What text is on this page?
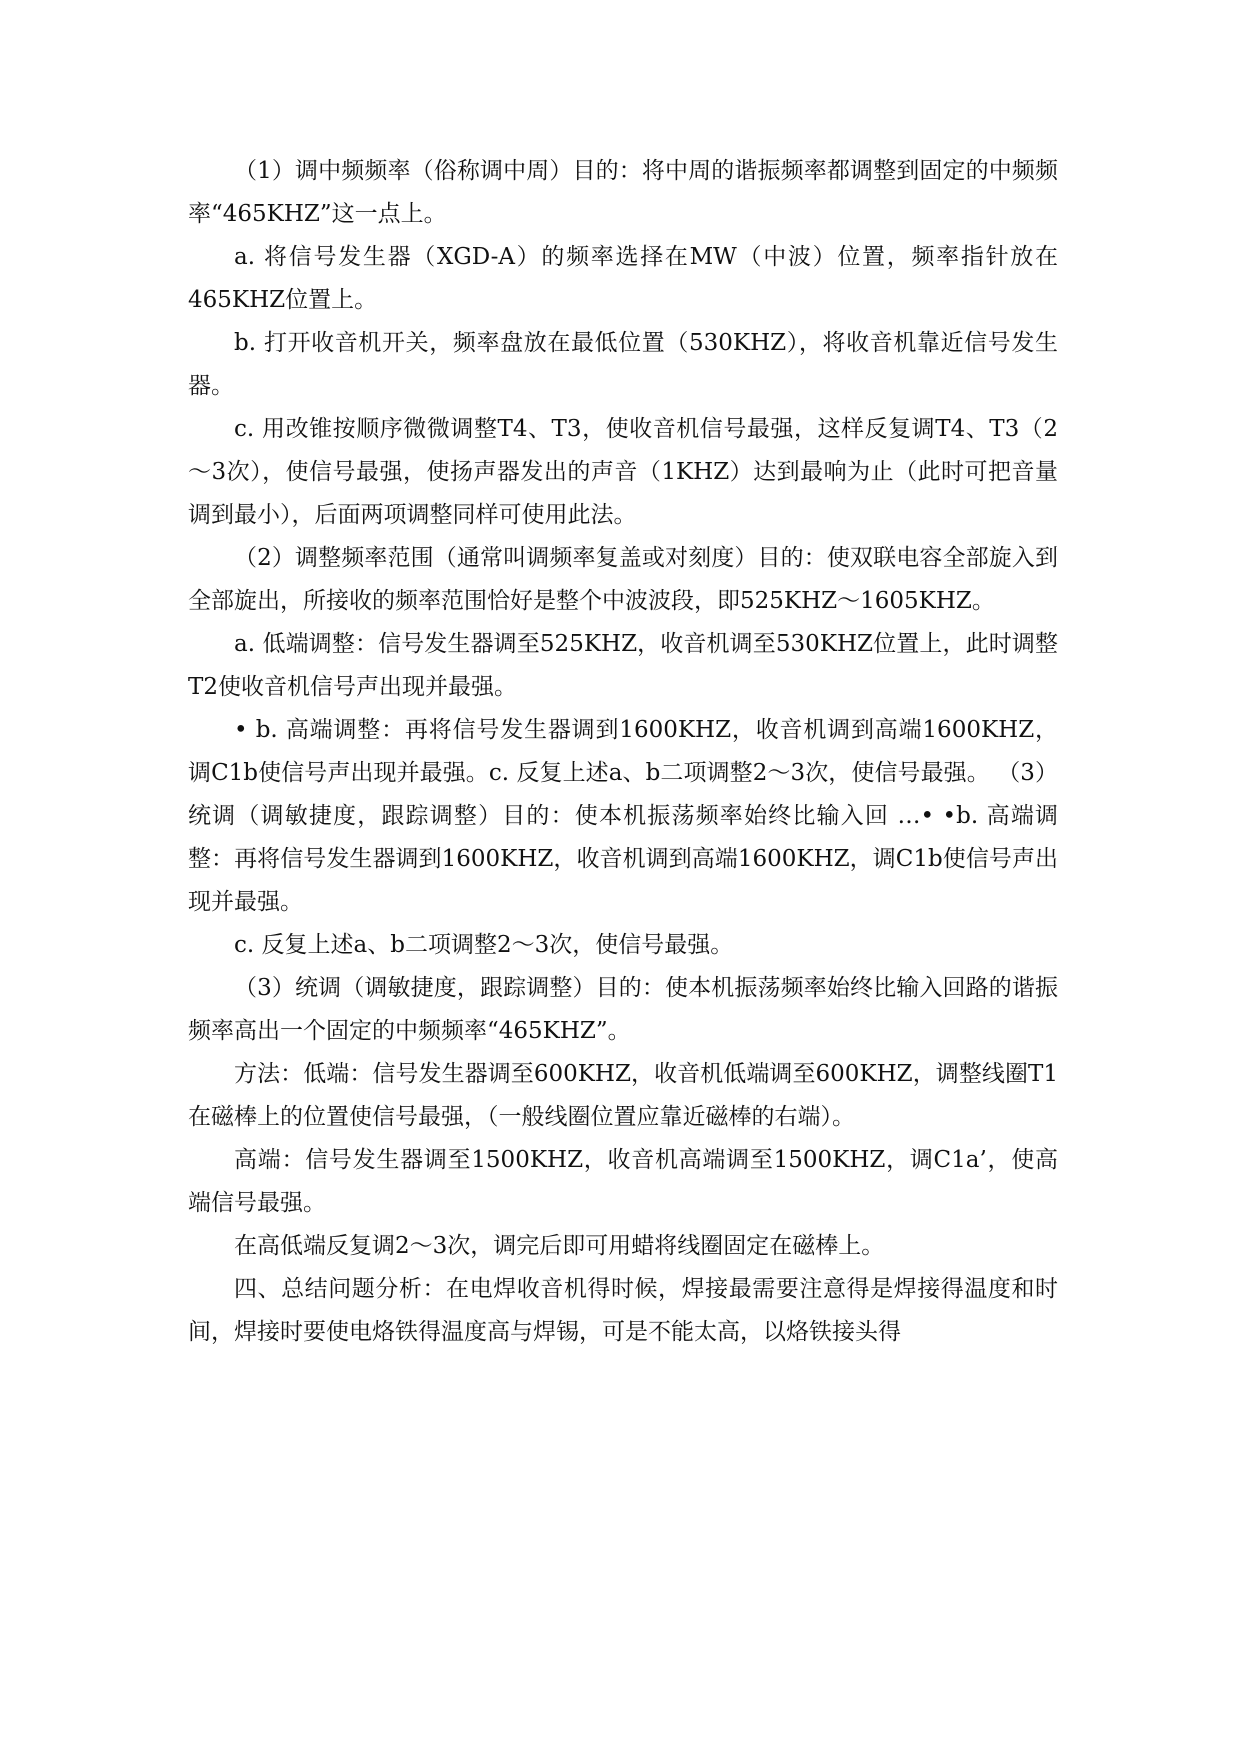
（1）调中频频率（俗称调中周）目的：将中周的谐振频率都调整到固定的中频频率“465KHZ”这一点上。

a. 将信号发生器（XGD-A）的频率选择在MW（中波）位置，频率指针放在465KHZ位置上。

b. 打开收音机开关，频率盘放在最低位置（530KHZ），将收音机靠近信号发生器。

c. 用改锥按顺序微微调整T4、T3，使收音机信号最强，这样反复调T4、T3（2～3次），使信号最强，使扬声器发出的声音（1KHZ）达到最响为止（此时可把音量调到最小），后面两项调整同样可使用此法。

（2）调整频率范围（通常叫调频率复盖或对刻度）目的：使双联电容全部旋入到全部旋出，所接收的频率范围恰好是整个中波波段，即525KHZ～1605KHZ。

a. 低端调整：信号发生器调至525KHZ，收音机调至530KHZ位置上，此时调整T2使收音机信号声出现并最强。

• b. 高端调整：再将信号发生器调到1600KHZ，收音机调到高端1600KHZ，调C1b使信号声出现并最强。c. 反复上述a、b二项调整2～3次，使信号最强。 （3）统调（调敏捷度，跟踪调整）目的：使本机振荡频率始终比输入回 …• •b. 高端调整：再将信号发生器调到1600KHZ，收音机调到高端1600KHZ，调C1b使信号声出现并最强。

c. 反复上述a、b二项调整2～3次，使信号最强。

（3）统调（调敏捷度，跟踪调整）目的：使本机振荡频率始终比输入回路的谐振频率高出一个固定的中频频率“465KHZ”。

方法：低端：信号发生器调至600KHZ，收音机低端调至600KHZ，调整线圈T1在磁棒上的位置使信号最强，（一般线圈位置应靠近磁棒的右端）。

高端：信号发生器调至1500KHZ，收音机高端调至1500KHZ，调C1a’，使高端信号最强。

在高低端反复调2～3次，调完后即可用蜡将线圈固定在磁棒上。

四、总结问题分析：在电焊收音机得时候，焊接最需要注意得是焊接得温度和时间，焊接时要使电烙铁得温度高与焊锡，可是不能太高，以烙铁接头得
